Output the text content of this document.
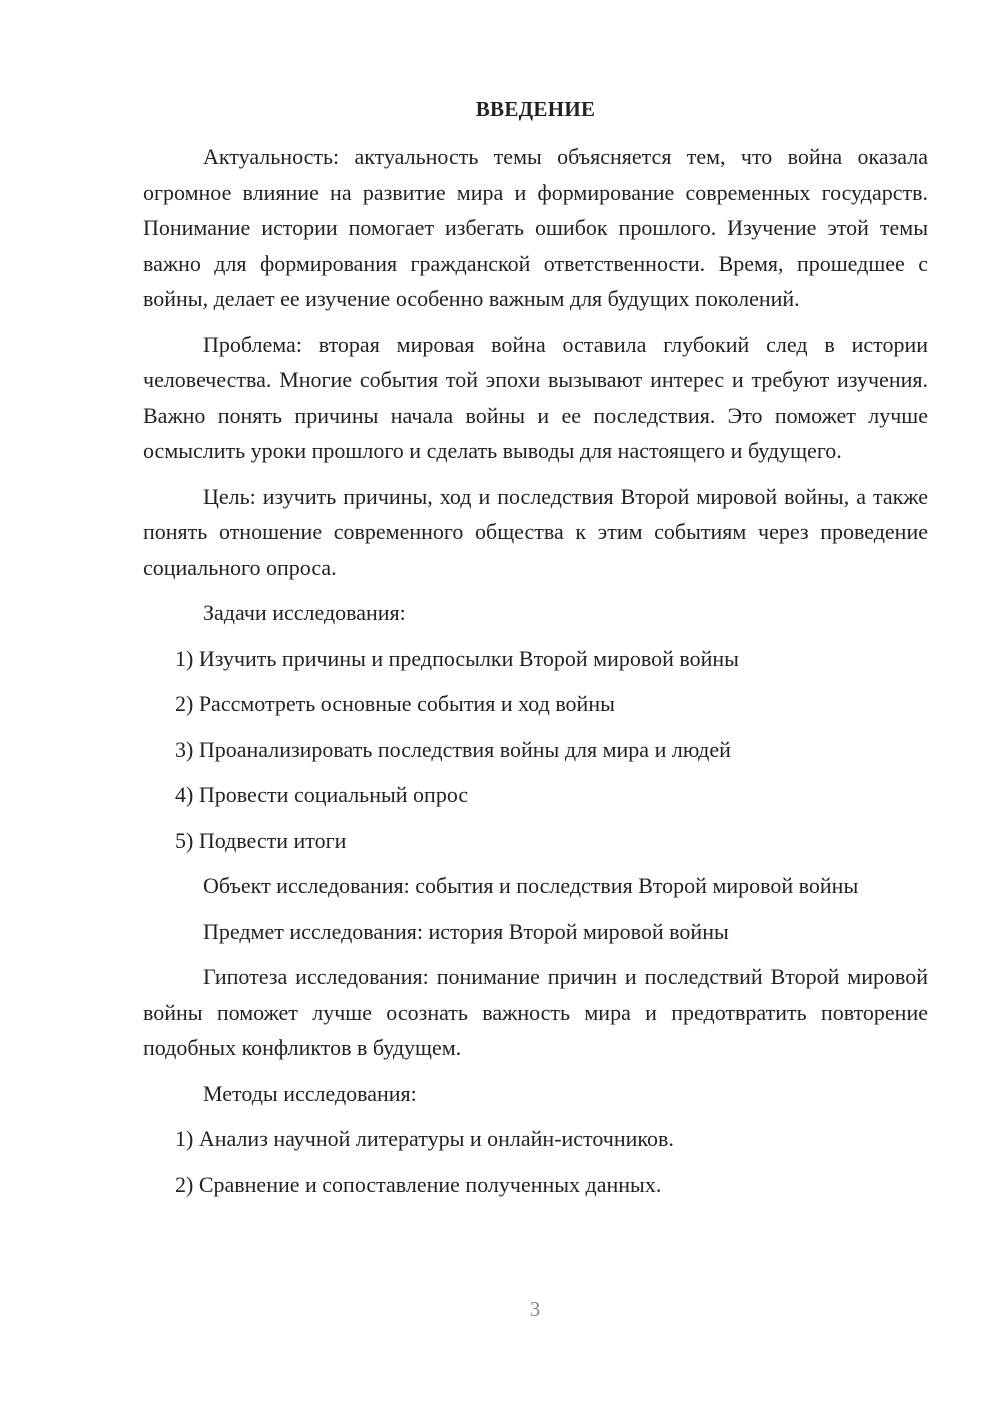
ВВЕДЕНИЕ

Актуальность: актуальность темы объясняется тем, что война оказала огромное влияние на развитие мира и формирование современных государств. Понимание истории помогает избегать ошибок прошлого. Изучение этой темы важно для формирования гражданской ответственности. Время, прошедшее с войны, делает ее изучение особенно важным для будущих поколений.

Проблема: вторая мировая война оставила глубокий след в истории человечества. Многие события той эпохи вызывают интерес и требуют изучения. Важно понять причины начала войны и ее последствия. Это поможет лучше осмыслить уроки прошлого и сделать выводы для настоящего и будущего.

Цель: изучить причины, ход и последствия Второй мировой войны, а также понять отношение современного общества к этим событиям через проведение социального опроса.

Задачи исследования:

1) Изучить причины и предпосылки Второй мировой войны

2) Рассмотреть основные события и ход войны

3) Проанализировать последствия войны для мира и людей

4) Провести социальный опрос

5) Подвести итоги

Объект исследования: события и последствия Второй мировой войны

Предмет исследования: история Второй мировой войны

Гипотеза исследования: понимание причин и последствий Второй мировой войны поможет лучше осознать важность мира и предотвратить повторение подобных конфликтов в будущем.

Методы исследования:

1) Анализ научной литературы и онлайн-источников.

2) Сравнение и сопоставление полученных данных.

3
